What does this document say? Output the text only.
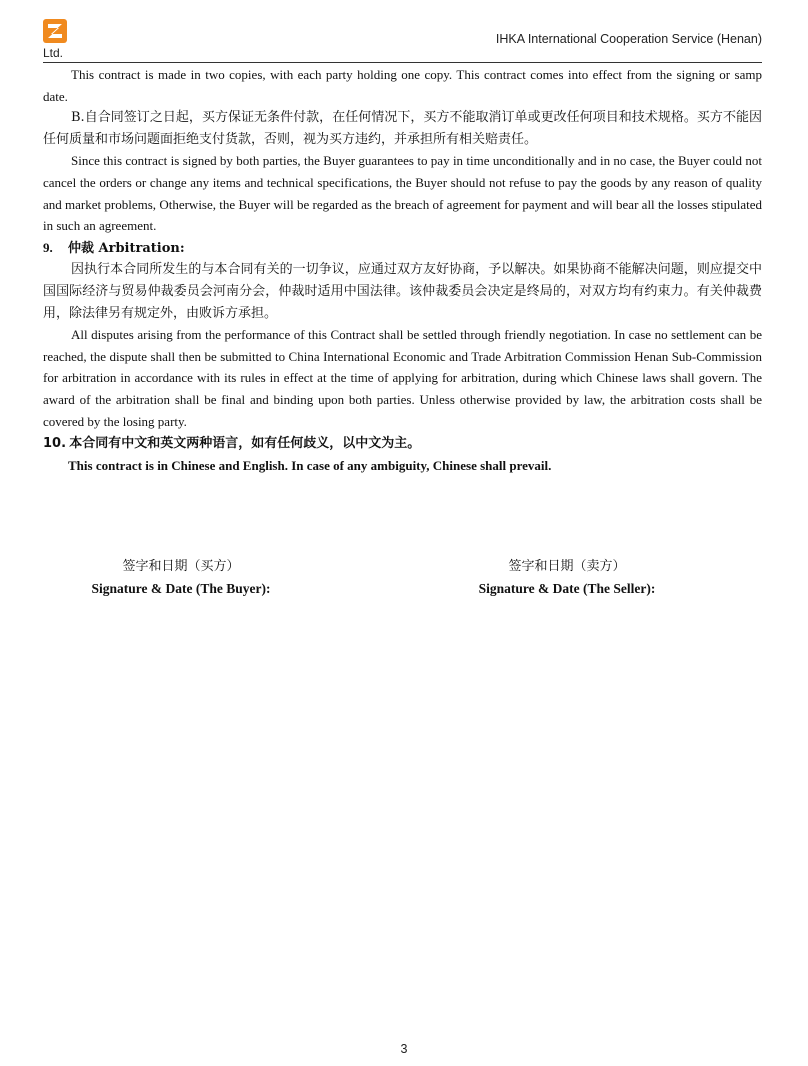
Ltd.
IHKA International Cooperation Service (Henan)

This contract is made in two copies, with each party holding one copy. This contract comes into effect from the signing or samp date.

B.自合同签订之日起，买方保证无条件付款，在任何情况下，买方不能取消订单或更改任何项目和技术规格。买方不能因任何质量和市场问题面拒绝支付货款，否则，视为买方违约，并承担所有相关赔责任。

Since this contract is signed by both parties, the Buyer guarantees to pay in time unconditionally and in no case, the Buyer could not cancel the orders or change any items and technical specifications, the Buyer should not refuse to pay the goods by any reason of quality and market problems, Otherwise, the Buyer will be regarded as the breach of agreement for payment and will bear all the losses stipulated in such an agreement.

9. 仲裁 Arbitration:

因执行本合同所发生的与本合同有关的一切争议，应通过双方友好协商，予以解决。如果协商不能解决问题，则应提交中国国际经济与贸易仲裁委员会河南分会，仲裁时适用中国法律。该仲裁委员会决定是终局的，对双方均有约束力。有关仲裁费用，除法律另有规定外，由败诉方承担。

All disputes arising from the performance of this Contract shall be settled through friendly negotiation. In case no settlement can be reached, the dispute shall then be submitted to China International Economic and Trade Arbitration Commission Henan Sub-Commission for arbitration in accordance with its rules in effect at the time of applying for arbitration, during which Chinese laws shall govern. The award of the arbitration shall be final and binding upon both parties. Unless otherwise provided by law, the arbitration costs shall be covered by the losing party.

10. 本合同有中文和英文两种语言，如有任何歧义，以中文为主。

This contract is in Chinese and English. In case of any ambiguity, Chinese shall prevail.

签字和日期（买方）
Signature & Date (The Buyer):
签字和日期（卖方）
Signature & Date (The Seller):
3
